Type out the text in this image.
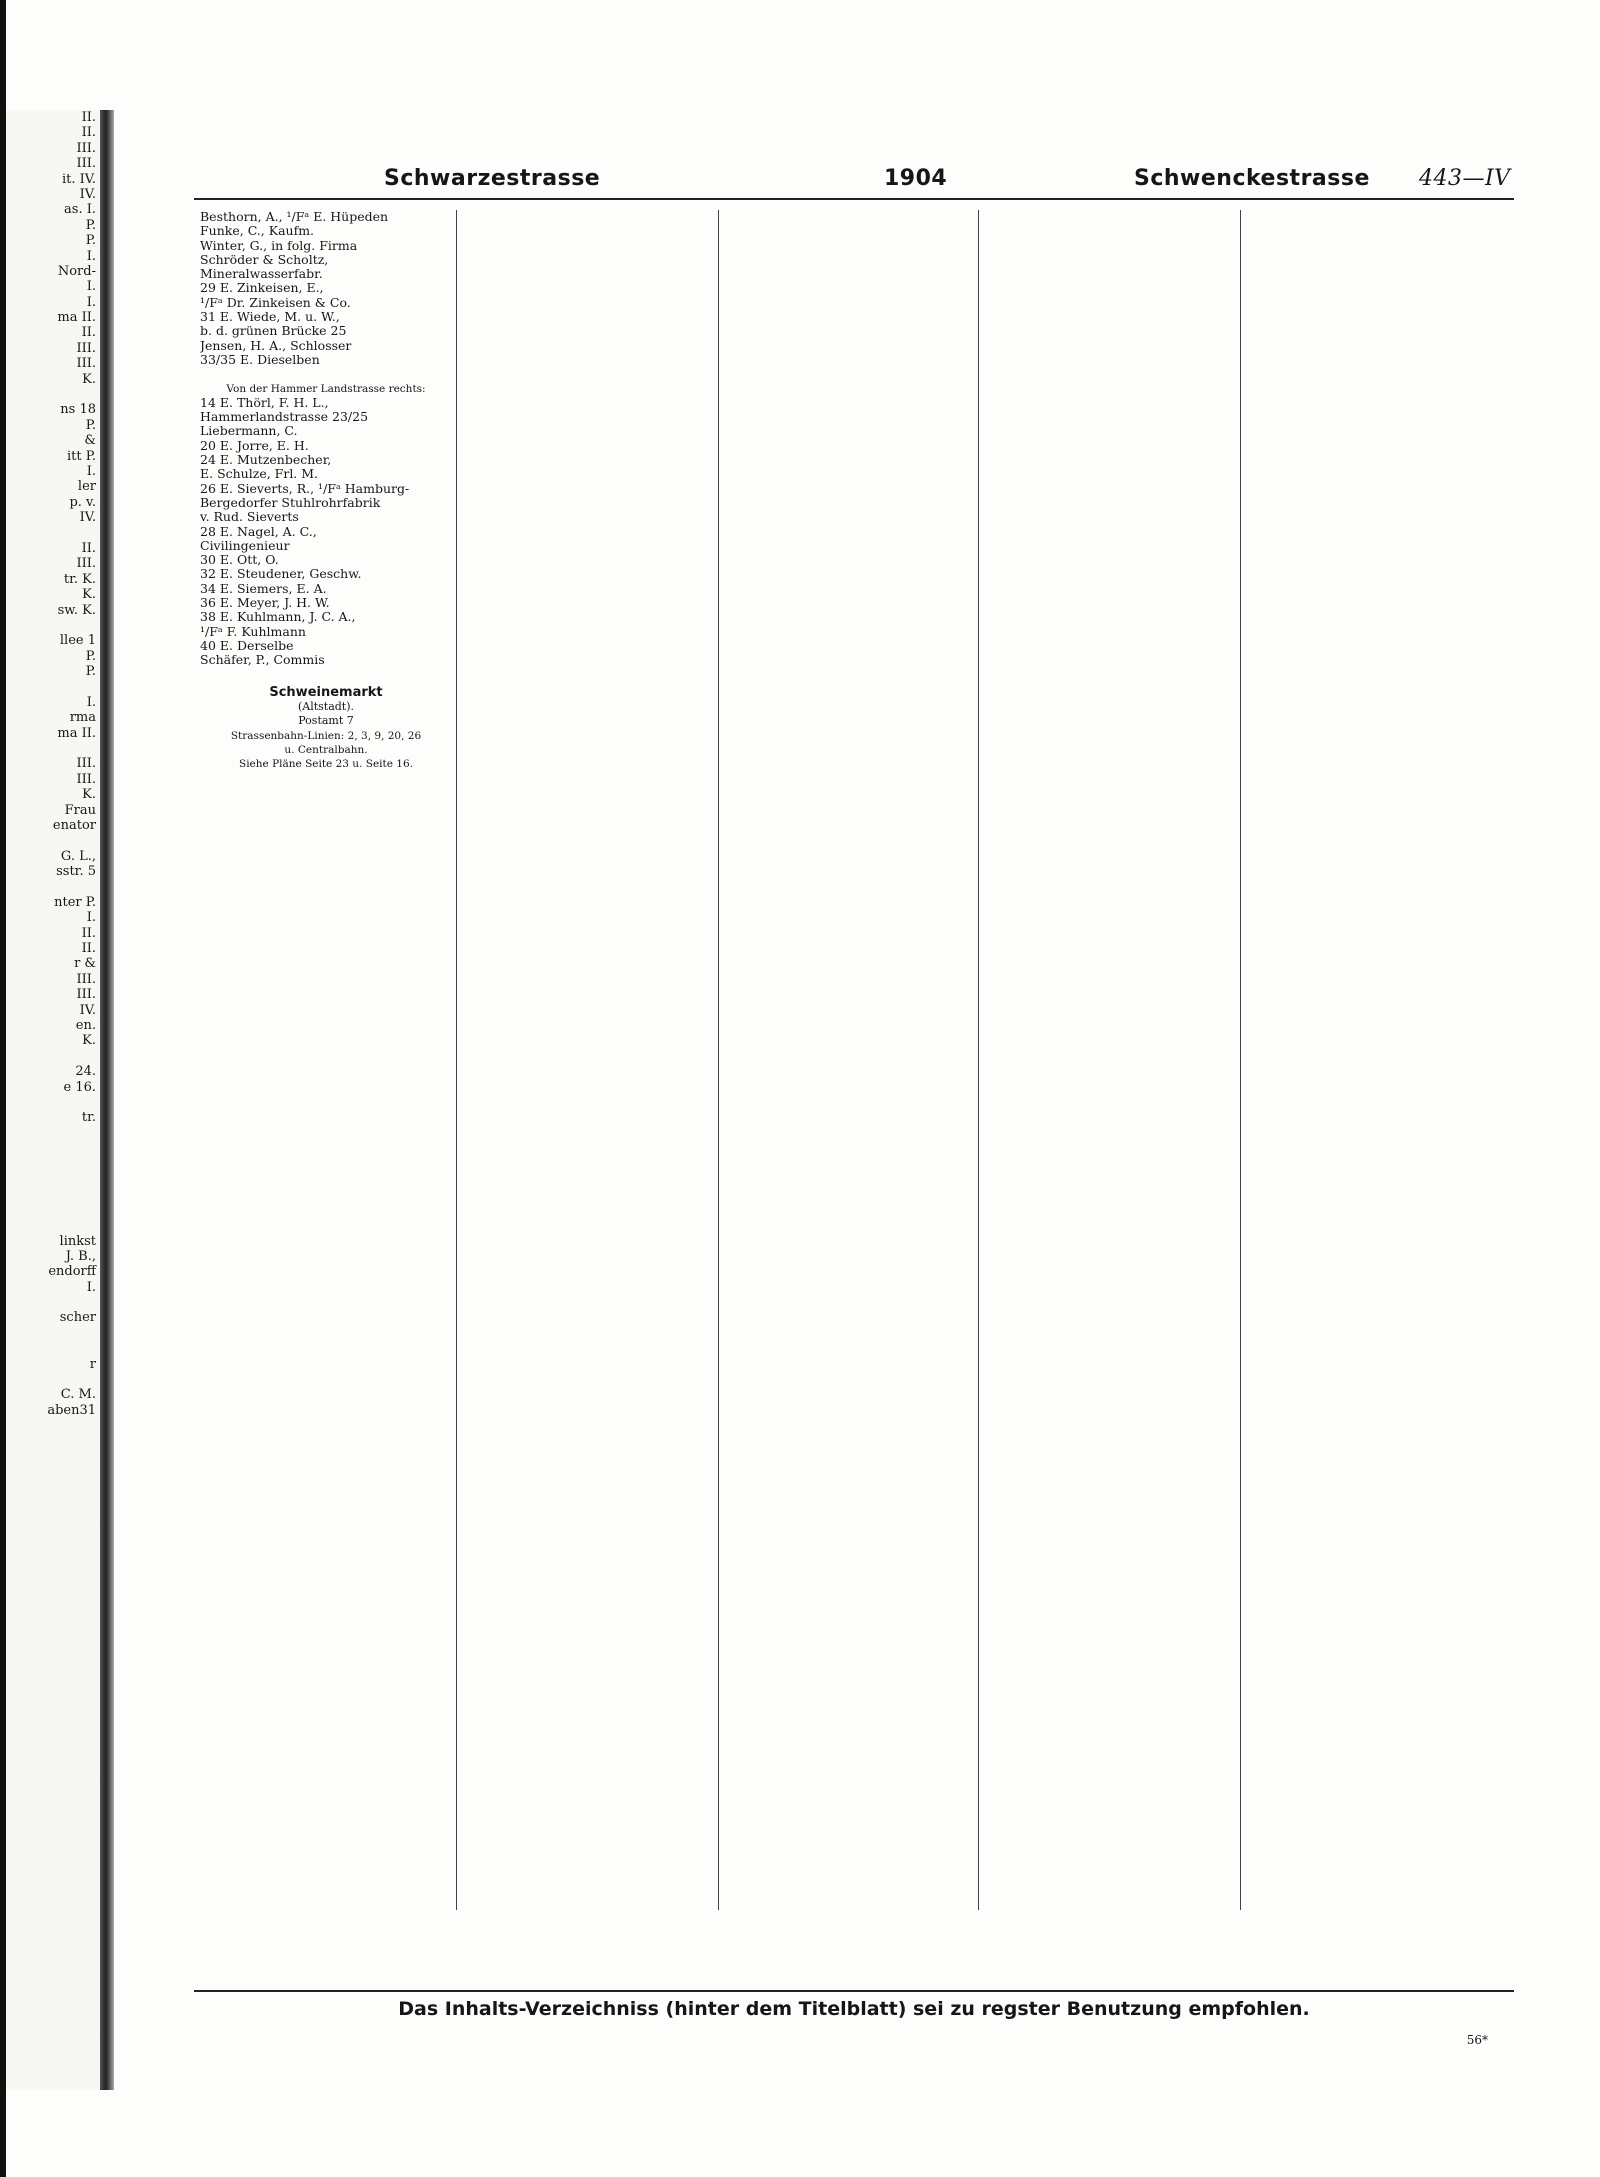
II.
II.
III.
III.
it. IV.
IV.
as. I.
P.
P.
I.
Nord-
I.
I.
ma II.
II.
III.
III.
K.
ns 18
P.
&
itt P.
I.
ler
p. v.
IV.
II.
III.
tr. K.
K.
sw. K.
llee 1
P.
P.
I.
rma
ma II.
III.
III.
K.
Frau
enator
G. L.,
sstr. 5
nter P.
I.
II.
II.
r &
III.
III.
IV.
en.
K.
24.
e 16.
tr.
linkst
J. B.,
endorff
I.
scher
r
C. M.
aben31
Schwarzestrasse	1904	Schwenckestrasse 443—IV
Besthorn, A., ¹/Fᵃ E. Hüpeden
Funke, C., Kaufm.
Winter, G., in folg. Firma
Schröder & Scholtz,
Mineralwasserfabr.
29 E. Zinkeisen, E.,
¹/Fᵃ Dr. Zinkeisen & Co.
31 E. Wiede, M. u. W.,
b. d. grünen Brücke 25
Jensen, H. A., Schlosser
33/35 E. Dieselben
Von der Hammer Landstrasse rechts:
14 E. Thörl, F. H. L.,
Hammerlandstrasse 23/25
Liebermann, C.
20 E. Jorre, E. H.
24 E. Mutzenbecher,
E. Schulze, Frl. M.
26 E. Sieverts, R., ¹/Fᵃ Hamburg-
Bergedorfer Stuhlrohrfabrik
v. Rud. Sieverts
28 E. Nagel, A. C.,
Civilingenieur
30 E. Ott, O.
32 E. Steudener, Geschw.
34 E. Siemers, E. A.
36 E. Meyer, J. H. W.
38 E. Kuhlmann, J. C. A.,
¹/Fᵃ F. Kuhlmann
40 E. Derselbe
Schäfer, P., Commis
Schweinemarkt
(Altstadt).
Postamt 7
Strassenbahn-Linien: 2, 3, 9, 20, 26
u. Centralbahn.
Siehe Pläne Seite 23 u. Seite 16.
Das Inhalts-Verzeichniss (hinter dem Titelblatt) sei zu regster Benutzung empfohlen.
56*
